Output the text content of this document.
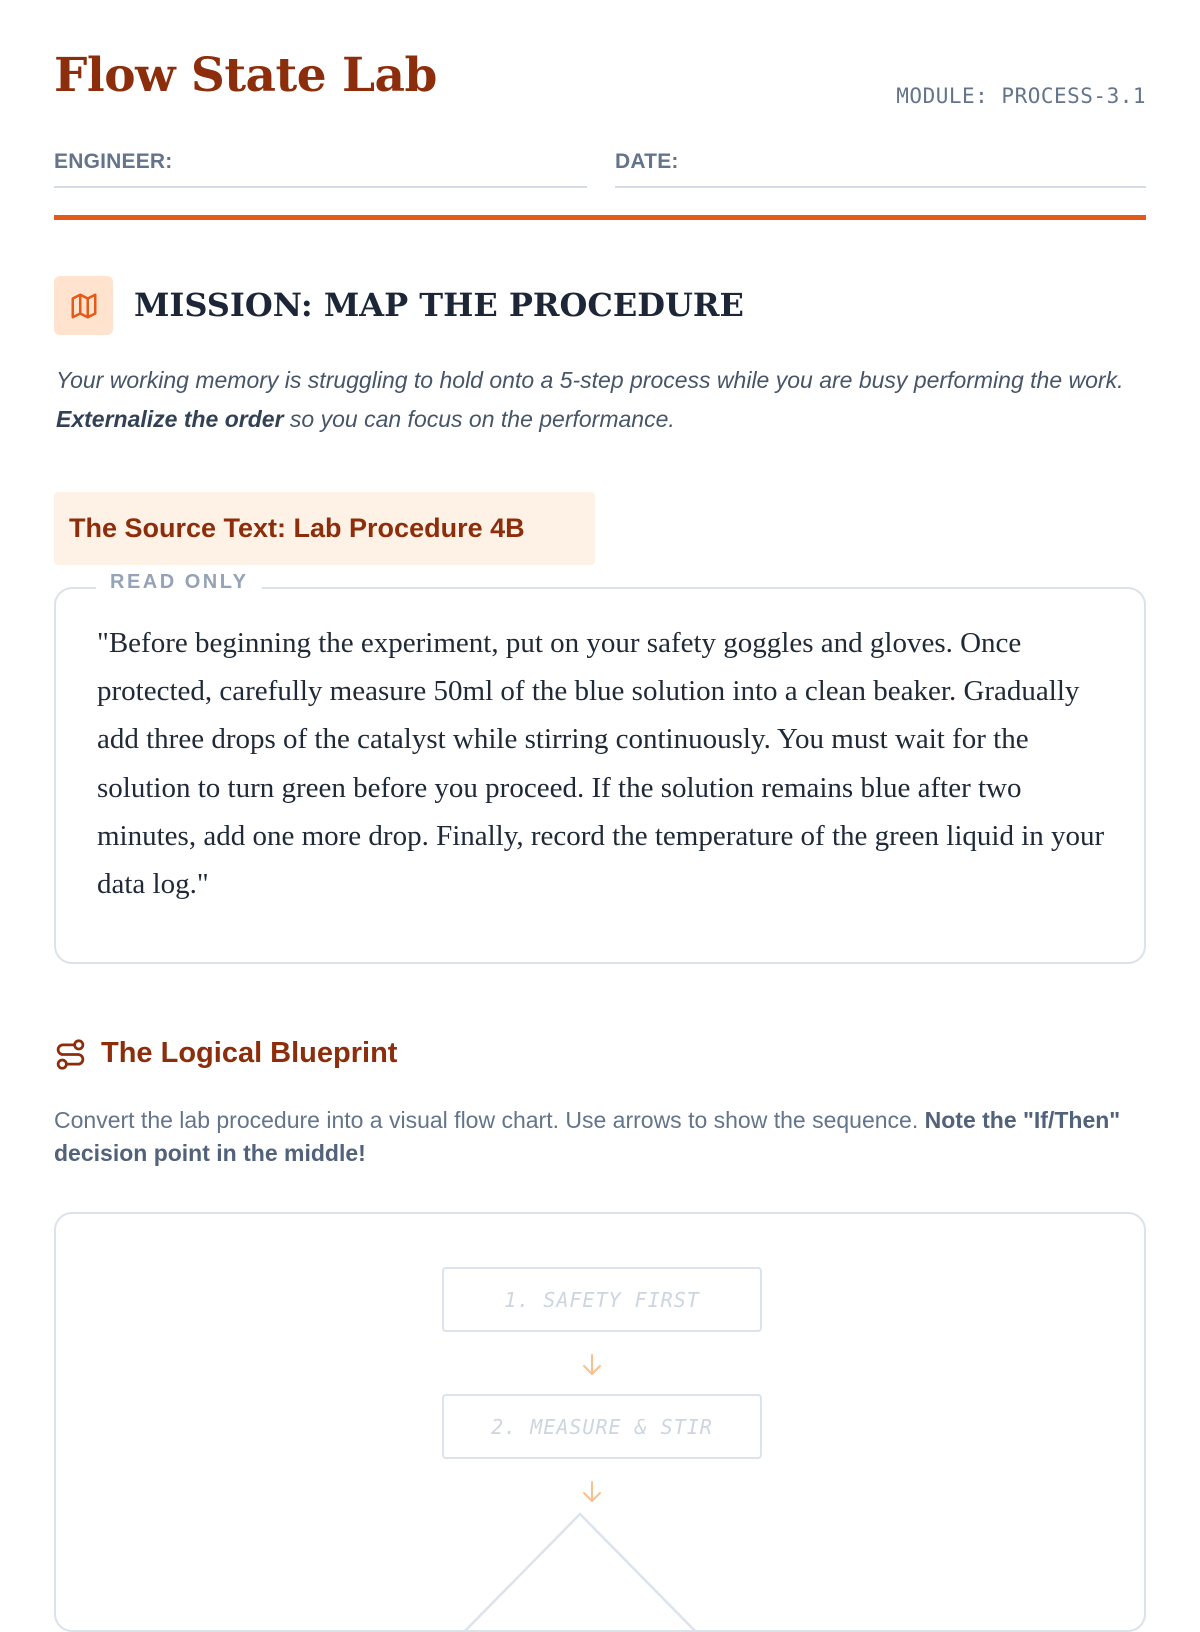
Flow State Lab	MODULE: PROCESS-3.1
ENGINEER:	DATE:
MISSION: MAP THE PROCEDURE

Your working memory is struggling to hold onto a 5-step process while you are busy performing the work. Externalize the order so you can focus on the performance.

The Source Text: Lab Procedure 4B
READ ONLY

"Before beginning the experiment, put on your safety goggles and gloves. Once protected, carefully measure 50ml of the blue solution into a clean beaker. Gradually add three drops of the catalyst while stirring continuously. You must wait for the solution to turn green before you proceed. If the solution remains blue after two minutes, add one more drop. Finally, record the temperature of the green liquid in your data log."

The Logical Blueprint

Convert the lab procedure into a visual flow chart. Use arrows to show the sequence. Note the "If/Then" decision point in the middle!

1. SAFETY FIRST
2. MEASURE & STIR
